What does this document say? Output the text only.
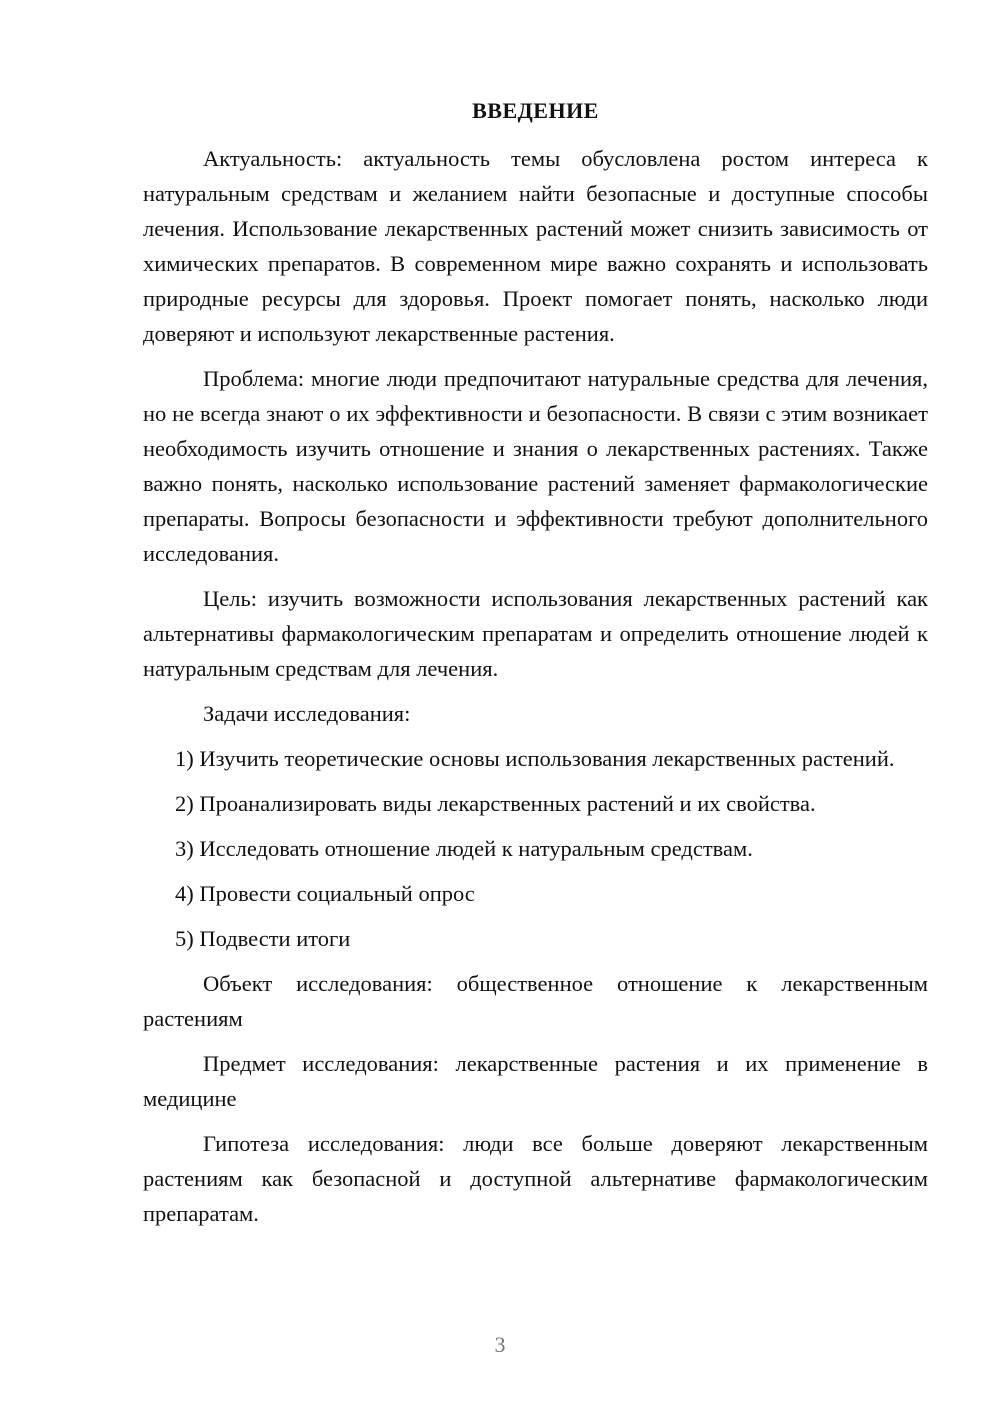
ВВЕДЕНИЕ

Актуальность: актуальность темы обусловлена ростом интереса к натуральным средствам и желанием найти безопасные и доступные способы лечения. Использование лекарственных растений может снизить зависимость от химических препаратов. В современном мире важно сохранять и использовать природные ресурсы для здоровья. Проект помогает понять, насколько люди доверяют и используют лекарственные растения.

Проблема: многие люди предпочитают натуральные средства для лечения, но не всегда знают о их эффективности и безопасности. В связи с этим возникает необходимость изучить отношение и знания о лекарственных растениях. Также важно понять, насколько использование растений заменяет фармакологические препараты. Вопросы безопасности и эффективности требуют дополнительного исследования.

Цель: изучить возможности использования лекарственных растений как альтернативы фармакологическим препаратам и определить отношение людей к натуральным средствам для лечения.

Задачи исследования:

1) Изучить теоретические основы использования лекарственных растений.

2) Проанализировать виды лекарственных растений и их свойства.

3) Исследовать отношение людей к натуральным средствам.

4) Провести социальный опрос

5) Подвести итоги

Объект исследования: общественное отношение к лекарственным растениям

Предмет исследования: лекарственные растения и их применение в медицине

Гипотеза исследования: люди все больше доверяют лекарственным растениям как безопасной и доступной альтернативе фармакологическим препаратам.

3
